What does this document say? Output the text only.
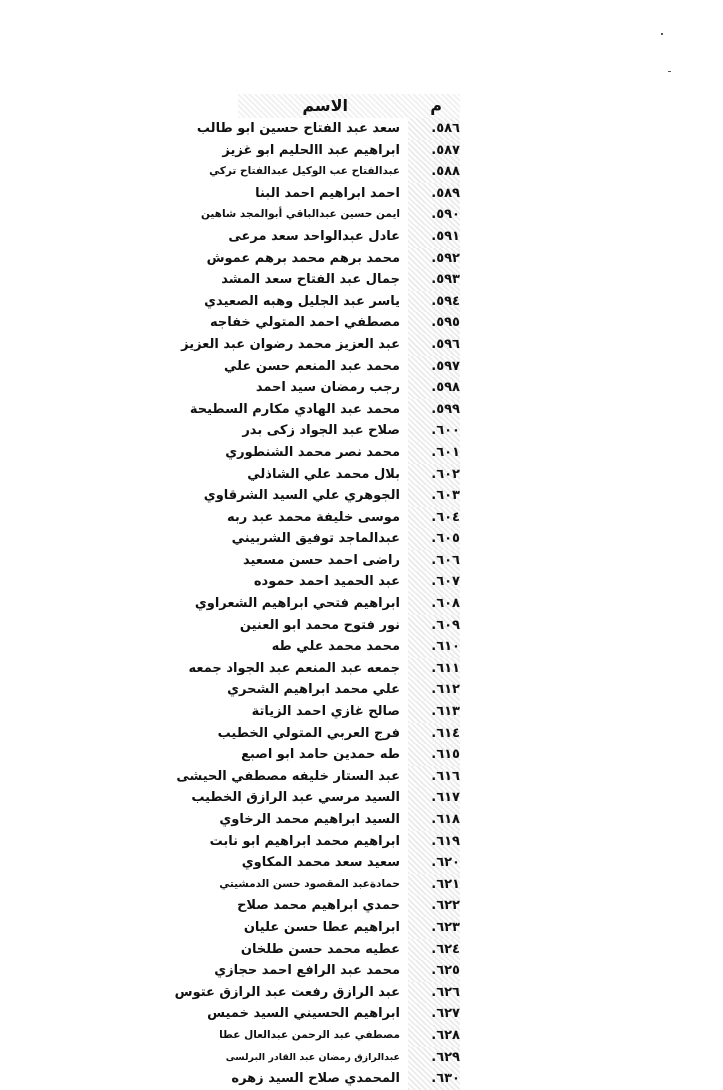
م
الاسم
٥٨٦.
سعد عبد الفتاح حسين ابو طالب
٥٨٧.
ابراهيم عبد االحليم ابو غزيز
٥٨٨.
عبدالفتاح عب الوكيل عبدالفتاح تركي
٥٨٩.
احمد ابراهيم احمد البنا
٥٩٠.
ايمن حسين عبدالباقي أبوالمجد شاهين
٥٩١.
عادل عبدالواحد سعد مرعى
٥٩٢.
محمد برهم محمد برهم عموش
٥٩٣.
جمال عبد الفتاح سعد المشد
٥٩٤.
ياسر عبد الجليل وهبه الصعيدي
٥٩٥.
مصطفي احمد المتولي خفاجه
٥٩٦.
عبد العزيز محمد رضوان عبد العزيز
٥٩٧.
محمد عبد المنعم حسن علي
٥٩٨.
رجب رمضان سيد احمد
٥٩٩.
محمد عبد الهادي مكارم السطيحة
٦٠٠.
صلاح عبد الجواد زكى بدر
٦٠١.
محمد نصر محمد الشنطوري
٦٠٢.
بلال محمد علي الشاذلي
٦٠٣.
الجوهري علي السيد الشرقاوي
٦٠٤.
موسى خليفة محمد عبد ربه
٦٠٥.
عبدالماجد توفيق الشربيني
٦٠٦.
راضى احمد حسن مسعيد
٦٠٧.
عبد الحميد احمد حموده
٦٠٨.
ابراهيم فتحي ابراهيم الشعراوي
٦٠٩.
نور فتوح محمد ابو العنين
٦١٠.
محمد محمد علي طه
٦١١.
جمعه عبد المنعم عبد الجواد جمعه
٦١٢.
علي محمد ابراهيم الشحري
٦١٣.
صالح غازي احمد الزياتة
٦١٤.
فرج العربي المتولي الخطيب
٦١٥.
طه حمدين حامد ابو اصبع
٦١٦.
عبد الستار خليفه مصطفي الحيشى
٦١٧.
السيد مرسي عبد الرازق الخطيب
٦١٨.
السيد ابراهيم محمد الرخاوي
٦١٩.
ابراهيم محمد ابراهيم ابو نابت
٦٢٠.
سعيد سعد محمد المكاوي
٦٢١.
حمادةعبد المقصود حسن الدمشيتي
٦٢٢.
حمدي ابراهيم محمد صلاح
٦٢٣.
ابراهيم عطا حسن عليان
٦٢٤.
عطيه محمد حسن طلخان
٦٢٥.
محمد عبد الرافع احمد حجازي
٦٢٦.
عبد الرازق رفعت عبد الرازق عتوس
٦٢٧.
ابراهيم الحسيني السيد خميس
٦٢٨.
مصطفي عبد الرحمن عبدالعال عطا
٦٢٩.
عبدالرازق رمضان عبد القادر البرلسى
٦٣٠.
المحمدي صلاح السيد زهره
